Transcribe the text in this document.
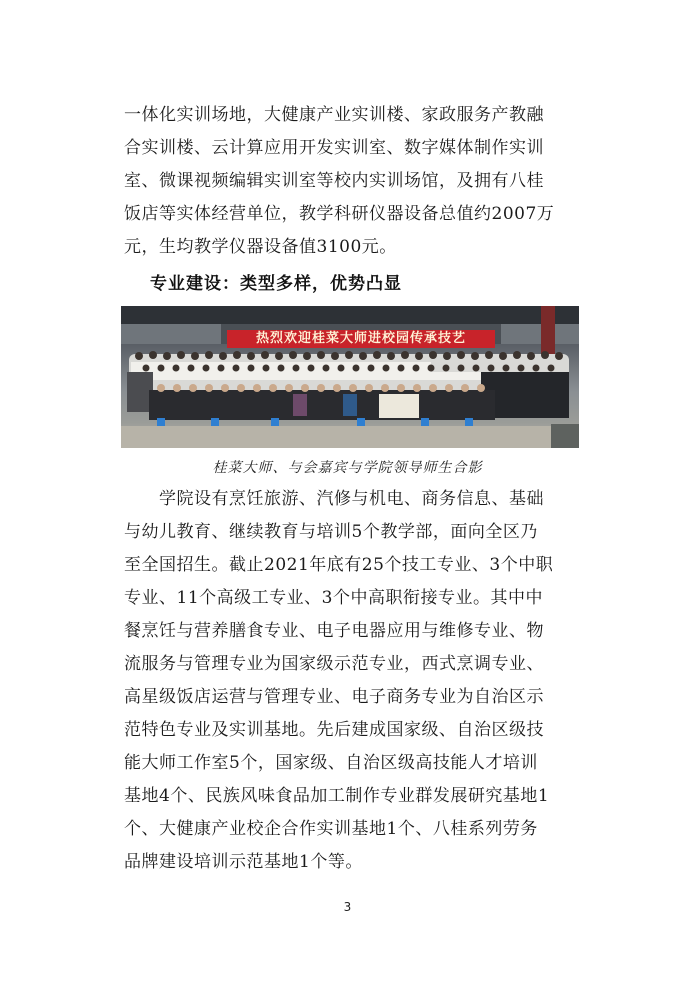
一体化实训场地，大健康产业实训楼、家政服务产教融
合实训楼、云计算应用开发实训室、数字媒体制作实训
室、微课视频编辑实训室等校内实训场馆，及拥有八桂
饭店等实体经营单位，教学科研仪器设备总值约2007万
元，生均教学仪器设备值3100元。
专业建设：类型多样，优势凸显
热烈欢迎桂菜大师进校园传承技艺
桂菜大师、与会嘉宾与学院领导师生合影
　　学院设有烹饪旅游、汽修与机电、商务信息、基础
与幼儿教育、继续教育与培训5个教学部，面向全区乃
至全国招生。截止2021年底有25个技工专业、3个中职
专业、11个高级工专业、3个中高职衔接专业。其中中
餐烹饪与营养膳食专业、电子电器应用与维修专业、物
流服务与管理专业为国家级示范专业，西式烹调专业、
高星级饭店运营与管理专业、电子商务专业为自治区示
范特色专业及实训基地。先后建成国家级、自治区级技
能大师工作室5个，国家级、自治区级高技能人才培训
基地4个、民族风味食品加工制作专业群发展研究基地1
个、大健康产业校企合作实训基地1个、八桂系列劳务
品牌建设培训示范基地1个等。
3
